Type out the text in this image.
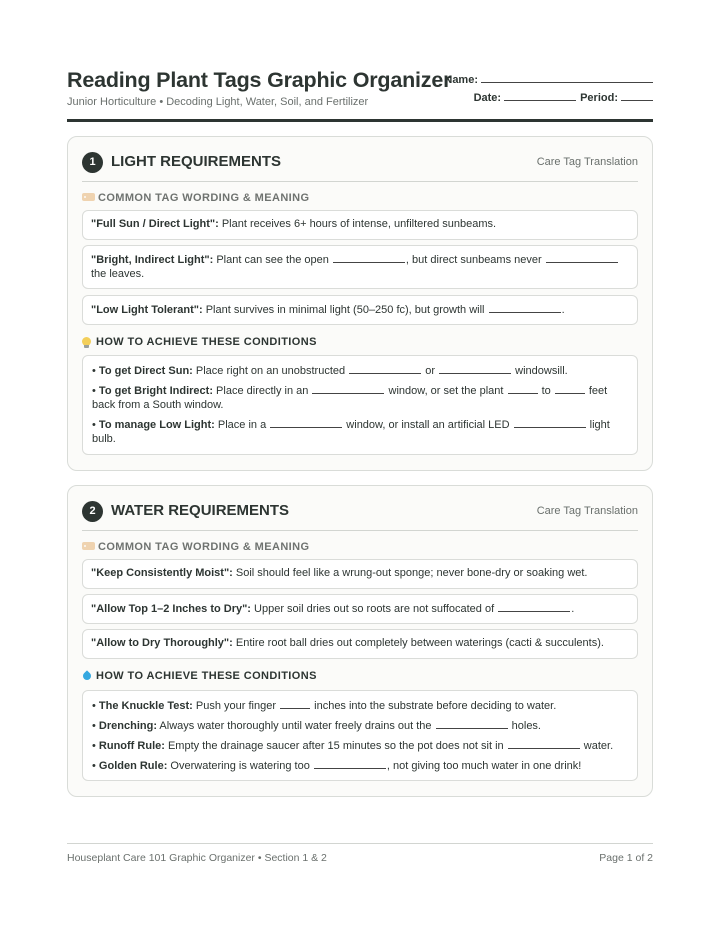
Reading Plant Tags Graphic Organizer
Junior Horticulture • Decoding Light, Water, Soil, and Fertilizer
Name:
Date:	Period:
1	LIGHT REQUIREMENTS	Care Tag Translation
COMMON TAG WORDING & MEANING
"Full Sun / Direct Light": Plant receives 6+ hours of intense, unfiltered sunbeams.
"Bright, Indirect Light": Plant can see the open	, but direct sunbeams never  the leaves.
"Low Light Tolerant": Plant survives in minimal light (50–250 fc), but growth will	.
HOW TO ACHIEVE THESE CONDITIONS
• To get Direct Sun: Place right on an unobstructed	or	windowsill.
• To get Bright Indirect: Place directly in an	window, or set the plant	to	feet back from a South window.
• To manage Low Light: Place in a	window, or install an artificial LED	light bulb.
2	WATER REQUIREMENTS	Care Tag Translation
COMMON TAG WORDING & MEANING
"Keep Consistently Moist": Soil should feel like a wrung-out sponge; never bone-dry or soaking wet.
"Allow Top 1–2 Inches to Dry": Upper soil dries out so roots are not suffocated of	.
"Allow to Dry Thoroughly": Entire root ball dries out completely between waterings (cacti & succulents).
HOW TO ACHIEVE THESE CONDITIONS
• The Knuckle Test: Push your finger	inches into the substrate before deciding to water.
• Drenching: Always water thoroughly until water freely drains out the	holes.
• Runoff Rule: Empty the drainage saucer after 15 minutes so the pot does not sit in	water.
• Golden Rule: Overwatering is watering too	, not giving too much water in one drink!
Houseplant Care 101 Graphic Organizer • Section 1 & 2	Page 1 of 2
